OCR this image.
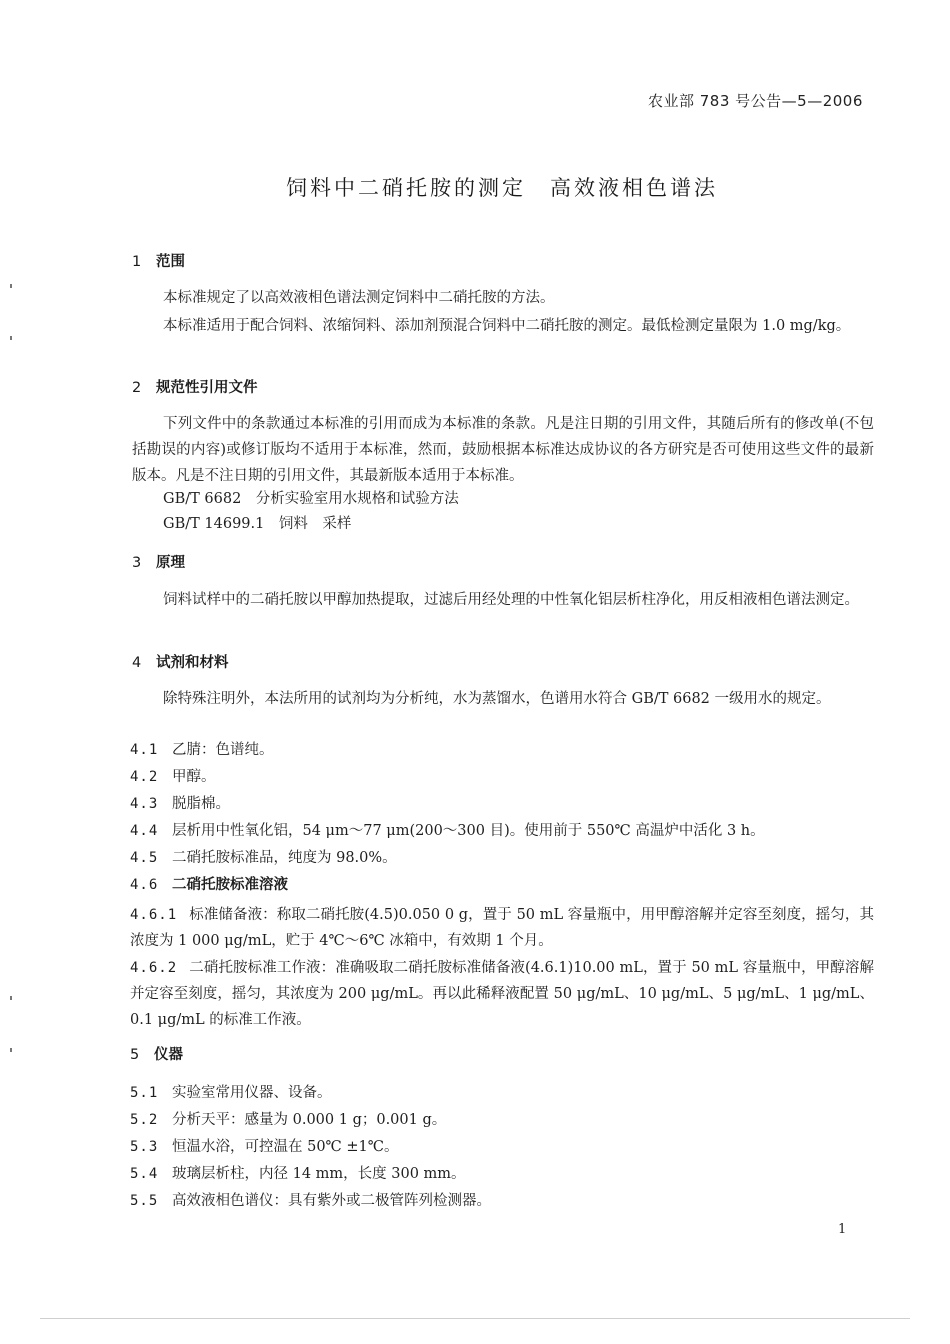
农业部 783 号公告—5—2006
饲料中二硝托胺的测定　高效液相色谱法
1 范围
本标准规定了以高效液相色谱法测定饲料中二硝托胺的方法。
本标准适用于配合饲料、浓缩饲料、添加剂预混合饲料中二硝托胺的测定。最低检测定量限为 1.0 mg/kg。
2 规范性引用文件
下列文件中的条款通过本标准的引用而成为本标准的条款。凡是注日期的引用文件，其随后所有的修改单(不包括勘误的内容)或修订版均不适用于本标准，然而，鼓励根据本标准达成协议的各方研究是否可使用这些文件的最新版本。凡是不注日期的引用文件，其最新版本适用于本标准。
GB/T 6682　分析实验室用水规格和试验方法
GB/T 14699.1　饲料　采样
3 原理
饲料试样中的二硝托胺以甲醇加热提取，过滤后用经处理的中性氧化铝层析柱净化，用反相液相色谱法测定。
4 试剂和材料
除特殊注明外，本法所用的试剂均为分析纯，水为蒸馏水，色谱用水符合 GB/T 6682 一级用水的规定。
4.1 乙腈：色谱纯。
4.2 甲醇。
4.3 脱脂棉。
4.4 层析用中性氧化铝，54 μm～77 μm(200～300 目)。使用前于 550℃ 高温炉中活化 3 h。
4.5 二硝托胺标准品，纯度为 98.0%。
4.6 二硝托胺标准溶液
4.6.1 标准储备液：称取二硝托胺(4.5)0.050 0 g，置于 50 mL 容量瓶中，用甲醇溶解并定容至刻度，摇匀，其浓度为 1 000 μg/mL，贮于 4℃～6℃ 冰箱中，有效期 1 个月。
4.6.2 二硝托胺标准工作液：准确吸取二硝托胺标准储备液(4.6.1)10.00 mL，置于 50 mL 容量瓶中，甲醇溶解并定容至刻度，摇匀，其浓度为 200 μg/mL。再以此稀释液配置 50 μg/mL、10 μg/mL、5 μg/mL、1 μg/mL、0.1 μg/mL 的标准工作液。
5 仪器
5.1 实验室常用仪器、设备。
5.2 分析天平：感量为 0.000 1 g；0.001 g。
5.3 恒温水浴，可控温在 50℃ ±1℃。
5.4 玻璃层析柱，内径 14 mm，长度 300 mm。
5.5 高效液相色谱仪：具有紫外或二极管阵列检测器。
1
